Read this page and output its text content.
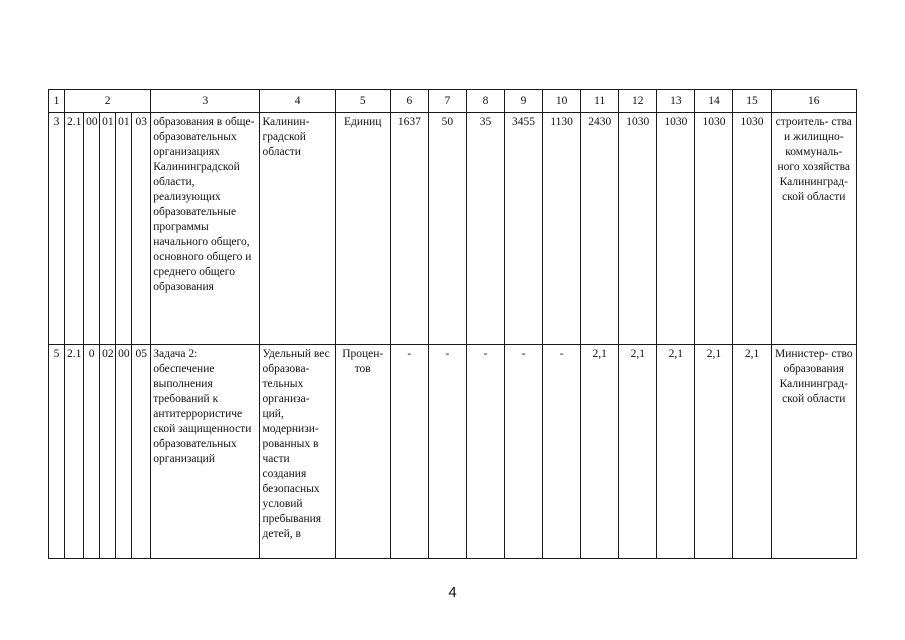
1	2					3	4	5	6	7	8	9	10	11	12	13	14	15	16
3	2.1	00	01	01	03	образования в обще- образовательных организациях Калининградской области, реализующих образовательные программы начального общего, основного общего и среднего общего образования	Калинин- градской области	Единиц	1637	50	35	3455	1130	2430	1030	1030	1030	1030	строитель- ства и жилищно- коммуналь- ного хозяйства Калининград- ской области
5	2.1	0	02	00	05	Задача 2: обеспечение выполнения требований к антитеррористиче ской защищенности образовательных организаций	Удельный вес образова- тельных организа- ций, модернизи- рованных в части создания безопасных условий пребывания детей, в	Процен- тов	-	-	-	-	-	2,1	2,1	2,1	2,1	2,1	Министер- ство образования Калининград- ской области
4
